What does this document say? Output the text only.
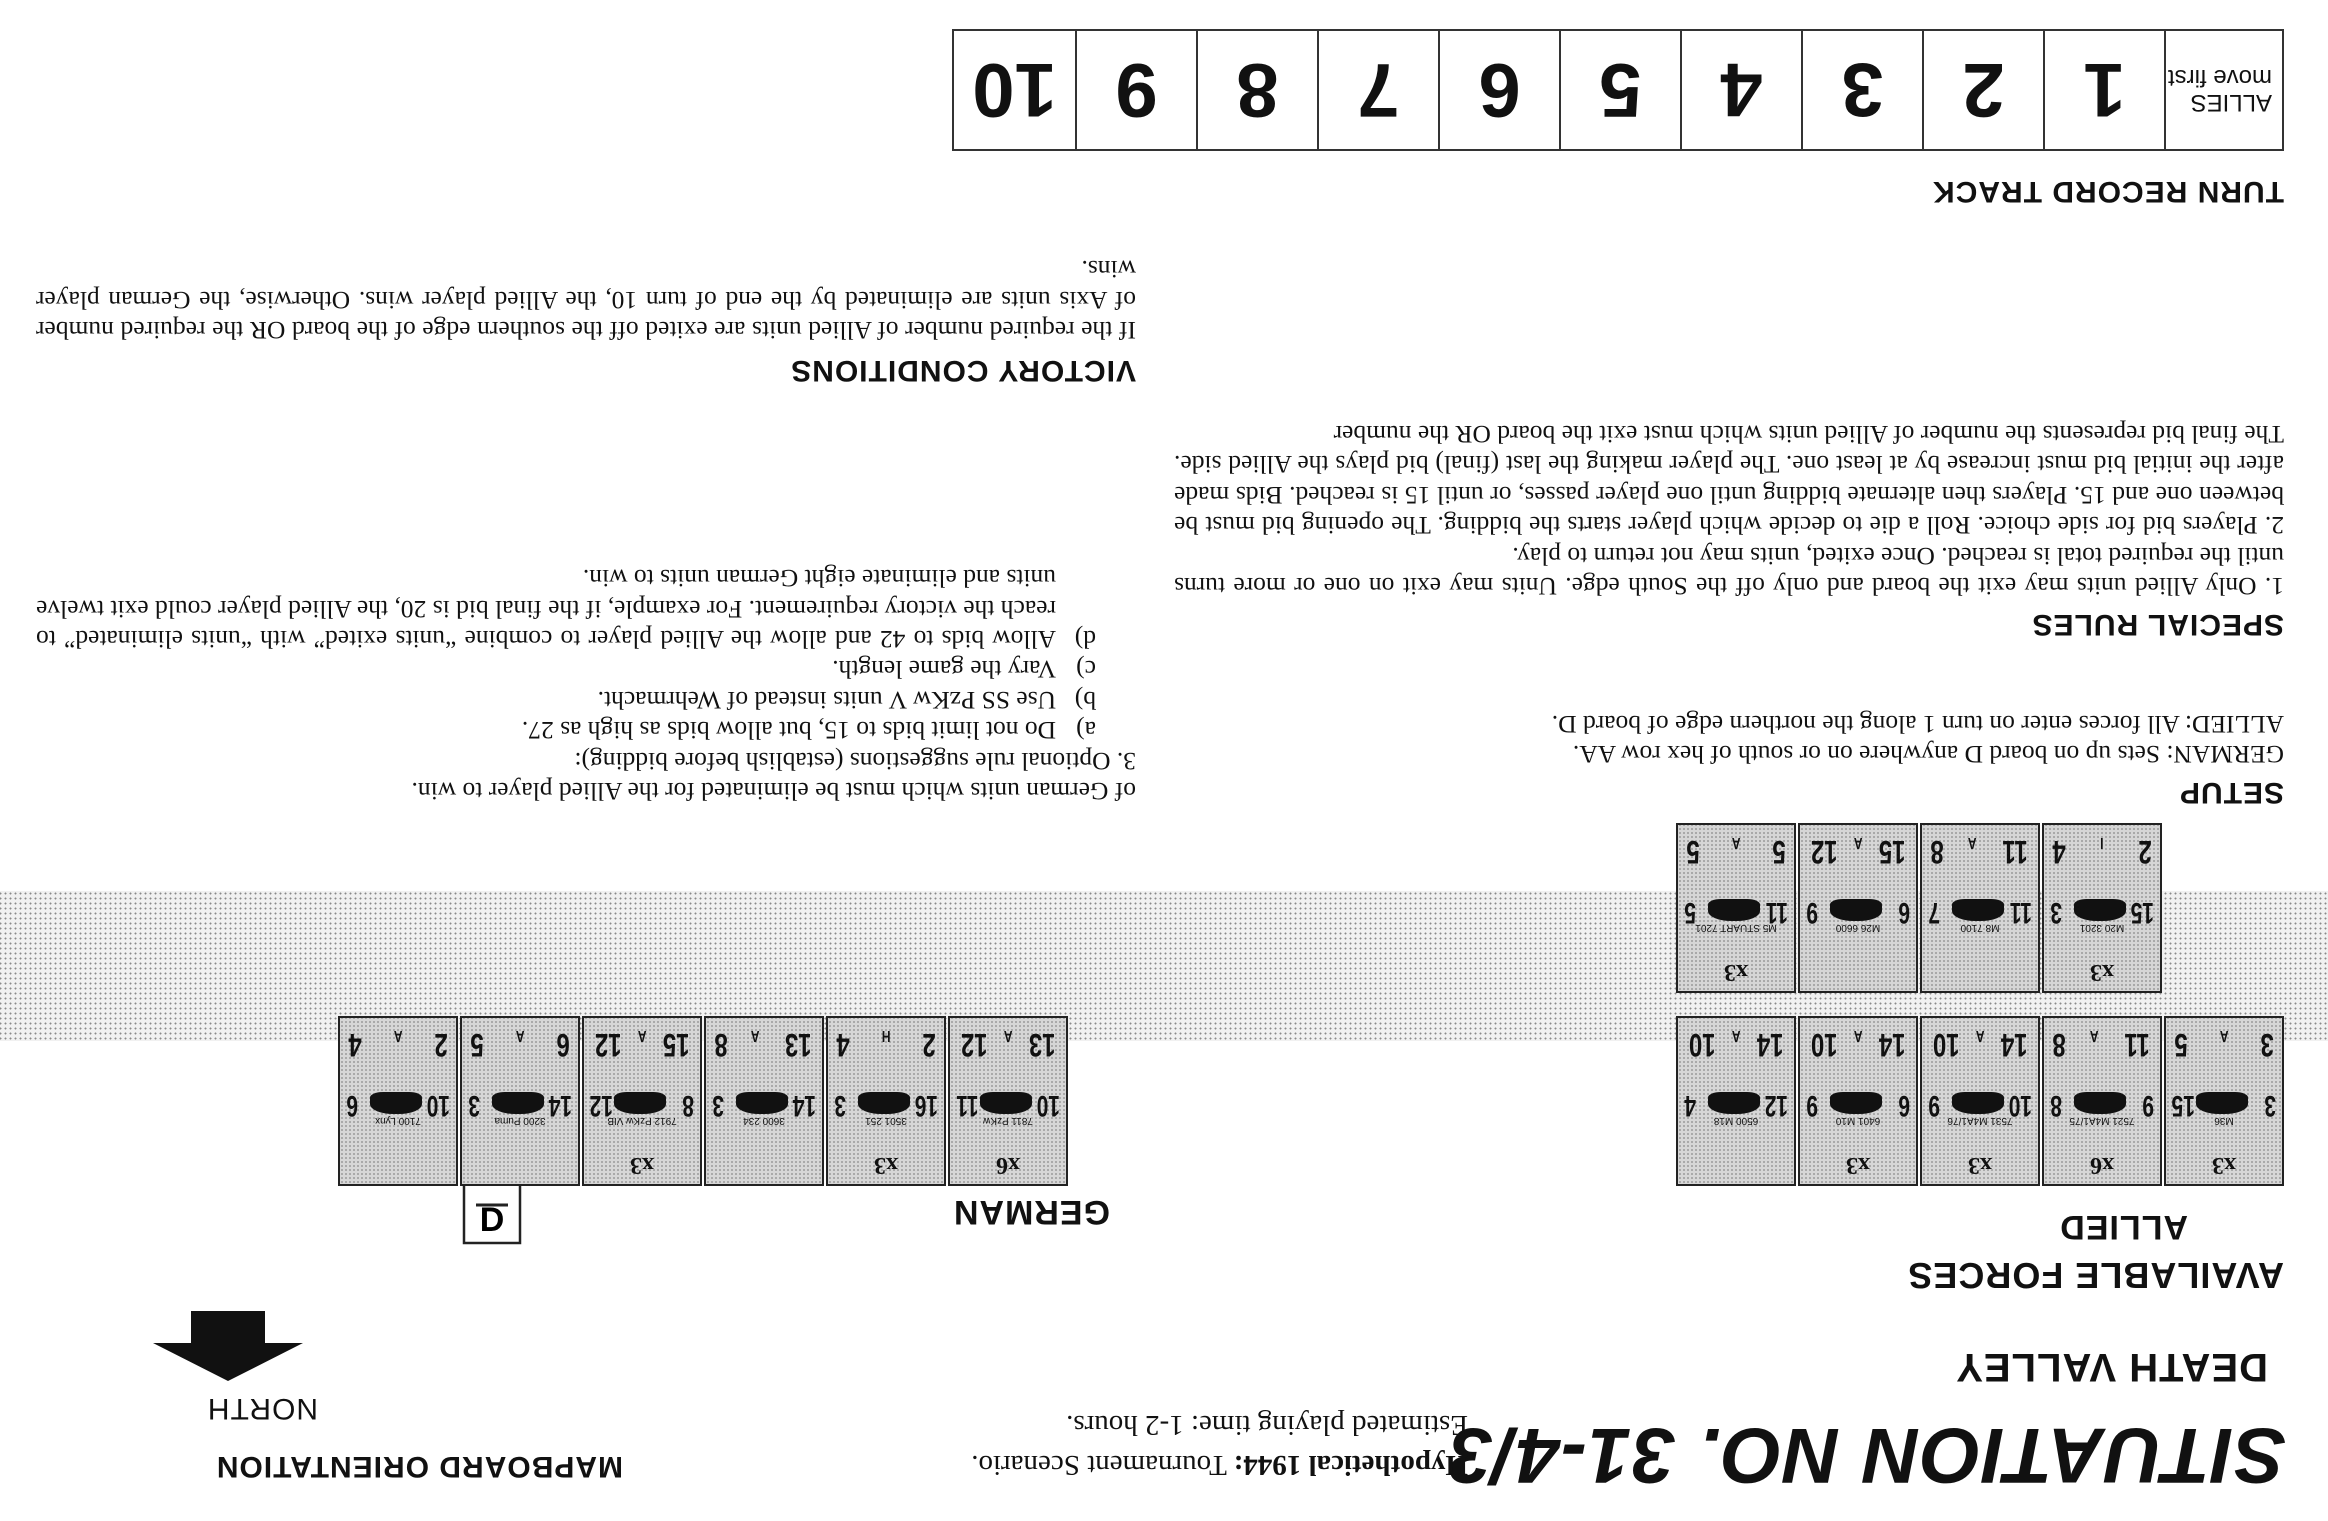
SITUATION NO. 31-4/3
DEATH VALLEY
Hypothetical 1944: Tournament Scenario.
Estimated playing time: 1-2 hours.
MAPBOARD ORIENTATION
D
NORTH
AVAILABLE FORCES
ALLIED
GERMAN
x3
3
15	M36
3
A
5
x6
9
8 7521 M4A1/75
11
A
8
x3
10
9 7531 M4A1/76
14
A
10
x3
6
9	6401 M10
14
A
10
12
4	6500 M18
14
A
10
x3
15
3	M20 3201
2
I
4
11
7	M8 7100
11
A
8
6
9	M26 6600
15
A
12
x3
11
5 M5 STUART 7201
5
A
5
x6
10
11 7811 PzKw
13
A
12
x3
16
3	3501 251
2
H
4
14
3	3600 234
13
A
8
x3
8
12
7912 PzKw VIB
15
A
12
14
3	3200 Puma
6
A
5
10
6	7100 Lynx
2
A
4
SETUP

GERMAN: Sets up on board D anywhere on or south of hex row AA.

ALLIED: All forces enter on turn 1 along the northern edge of board D.

SPECIAL RULES

1. Only Allied units may exit the board and only off the South edge. Units may exit on one or more turns until the required total is reached. Once exited, units may not return to play.

2. Players bid for side choice. Roll a die to decide which player starts the bidding. The opening bid must be between one and 15. Players then alternate bidding until one player passes, or until 15 is reached. Bids made after the initial bid must increase by at least one. The player making the last (final) bid plays the Allied side. The final bid represents the number of Allied units which must exit the board OR the number

of German units which must be eliminated for the Allied player to win.

3. Optional rule suggestions (establish before bidding):

a)
Do not limit bids to 15, but allow bids as high as 27.
b)
Use SS PzKw V units instead of Wehrmacht.
c)
Vary the game length.
d)
Allow bids to 42 and allow the Allied player to combine “units exited” with “units eliminated” to reach the victory requirement. For example, if the final bid is 20, the Allied player could exit twelve units and eliminate eight German units to win.
VICTORY CONDITIONS
If the required number of Allied units are exited off the southern edge of the board OR the required number of Axis units are eliminated by the end of turn 10, the Allied player wins. Otherwise, the German player wins.
TURN RECORD TRACK
ALLIES move first
1
2
3
4
5
6
7
8
9
10
